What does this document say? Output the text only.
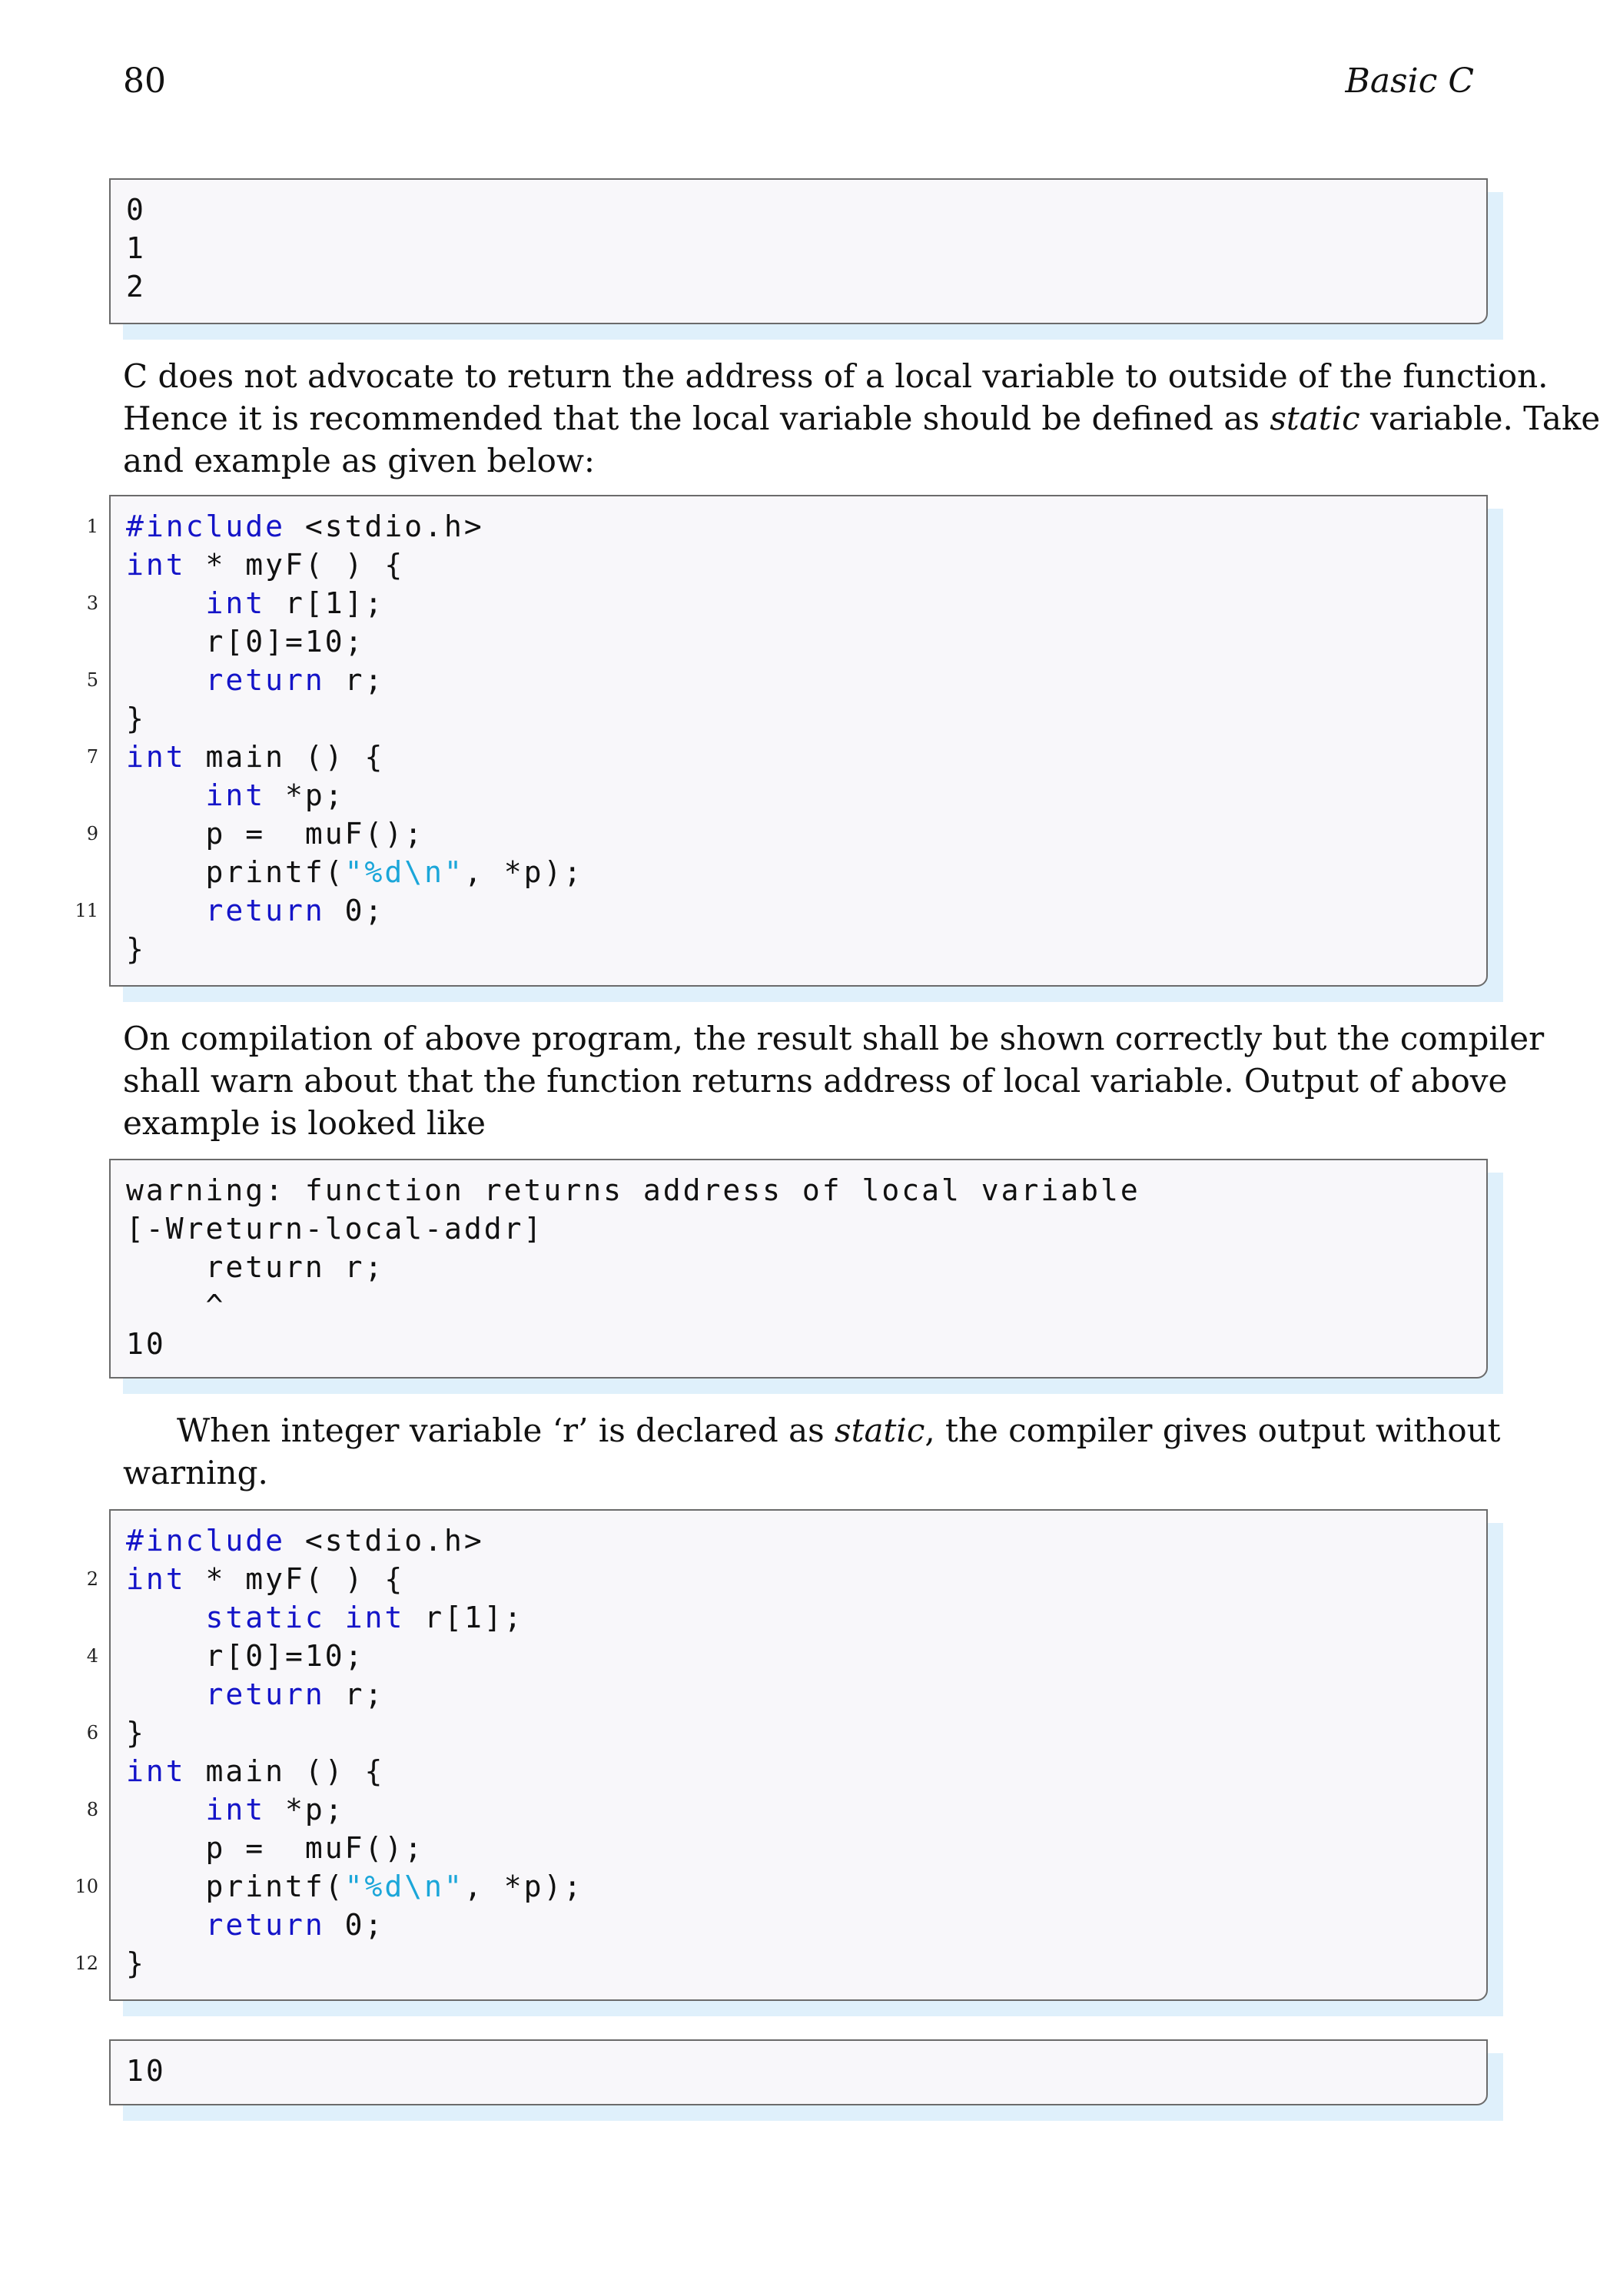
80	Basic C
0
1
2
C does not advocate to return the address of a local variable to outside of the function.
Hence it is recommended that the local variable should be defined as static variable. Take
and example as given below:
#include <stdio.h>
1
int * myF( ) {
int r[1];
3
r[0]=10;
return r;
5
}
int main () {
7
int *p;
p =  muF();
9
printf("%d\n", *p);
return 0;
11
}
On compilation of above program, the result shall be shown correctly but the compiler
shall warn about that the function returns address of local variable. Output of above
example is looked like
warning: function returns address of local variable
[-Wreturn-local-addr]
return r;
^
10
When integer variable ‘r’ is declared as static, the compiler gives output without
warning.
#include <stdio.h>
int * myF( ) {
2
static int r[1];
r[0]=10;
4
return r;
}
6
int main () {
int *p;
8
p =  muF();
printf("%d\n", *p);
10
return 0;
}
12
10
